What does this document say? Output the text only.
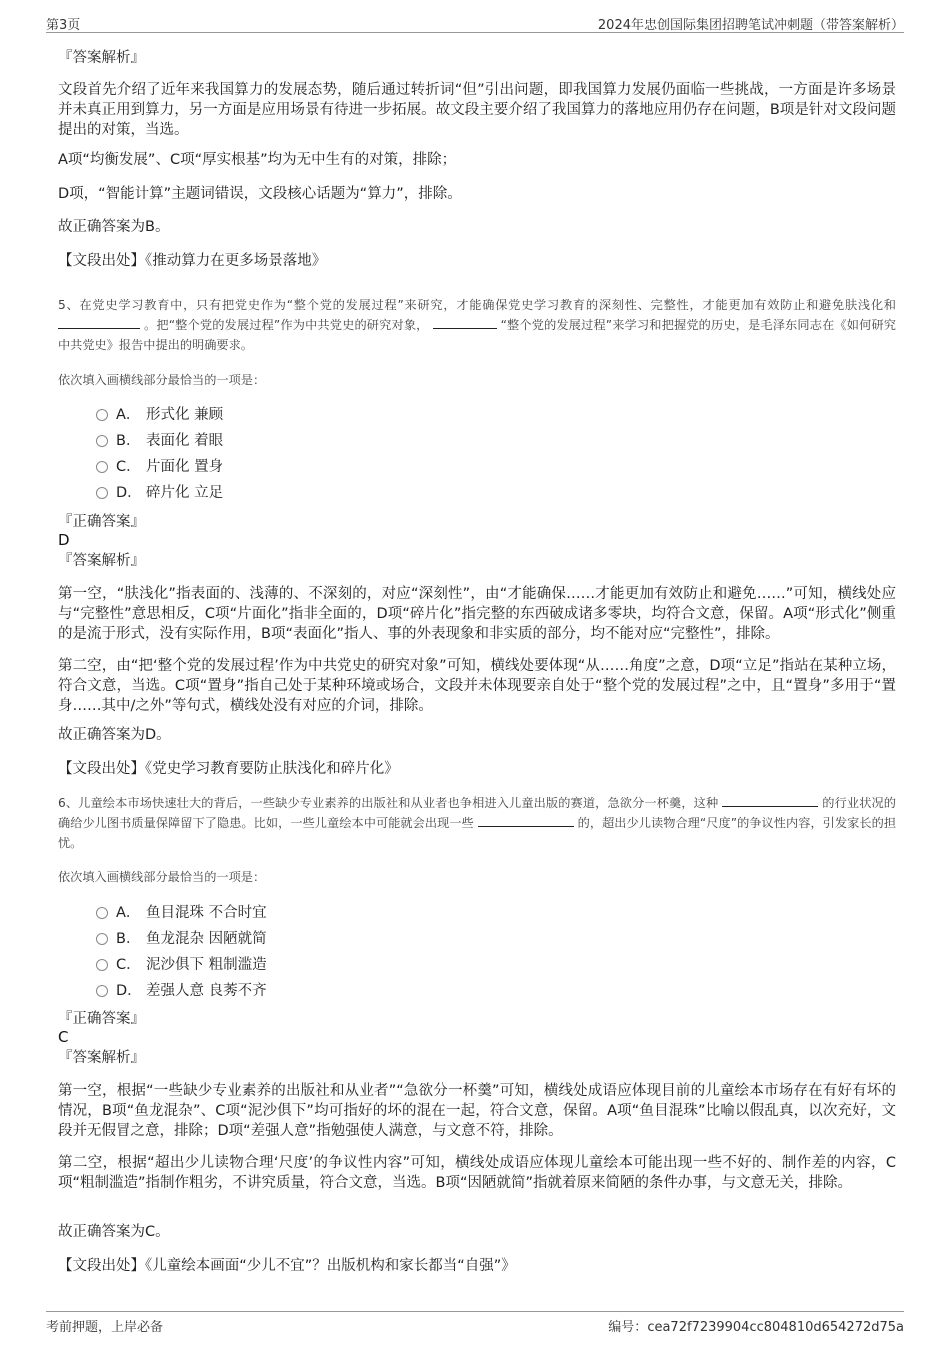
第3页	2024年忠创国际集团招聘笔试冲刺题（带答案解析）
『答案解析』
文段首先介绍了近年来我国算力的发展态势，随后通过转折词“但”引出问题，即我国算力发展仍面临一些挑战，一方面是许多场景并未真正用到算力，另一方面是应用场景有待进一步拓展。故文段主要介绍了我国算力的落地应用仍存在问题，B项是针对文段问题提出的对策，当选。
A项“均衡发展”、C项“厚实根基”均为无中生有的对策，排除；
D项，“智能计算”主题词错误，文段核心话题为“算力”，排除。
故正确答案为B。
【文段出处】《推动算力在更多场景落地》
5、在党史学习教育中，只有把党史作为“整个党的发展过程”来研究，才能确保党史学习教育的深刻性、完整性，才能更加有效防止和避免肤浅化和  。把“整个党的发展过程”作为中共党史的研究对象，	“整个党的发展过程”来学习和把握党的历史，是毛泽东同志在《如何研究中共党史》报告中提出的明确要求。
依次填入画横线部分最恰当的一项是：
A． 形式化 兼顾
B． 表面化 着眼
C． 片面化 置身
D． 碎片化 立足
『正确答案』
D
『答案解析』
第一空，“肤浅化”指表面的、浅薄的、不深刻的，对应“深刻性”，由“才能确保……才能更加有效防止和避免……”可知，横线处应与“完整性”意思相反，C项“片面化”指非全面的，D项“碎片化”指完整的东西破成诸多零块，均符合文意，保留。A项“形式化”侧重的是流于形式，没有实际作用，B项“表面化”指人、事的外表现象和非实质的部分，均不能对应“完整性”，排除。
第二空，由“把‘整个党的发展过程’作为中共党史的研究对象”可知，横线处要体现“从……角度”之意，D项“立足”指站在某种立场，符合文意，当选。C项“置身”指自己处于某种环境或场合，文段并未体现要亲自处于“整个党的发展过程”之中，且“置身”多用于“置身……其中/之外”等句式，横线处没有对应的介词，排除。
故正确答案为D。
【文段出处】《党史学习教育要防止肤浅化和碎片化》
6、儿童绘本市场快速壮大的背后，一些缺少专业素养的出版社和从业者也争相进入儿童出版的赛道，急欲分一杯羹，这种	的行业状况的确给少儿图书质量保障留下了隐患。比如，一些儿童绘本中可能就会出现一些	的，超出少儿读物合理“尺度”的争议性内容，引发家长的担忧。
依次填入画横线部分最恰当的一项是：
A． 鱼目混珠 不合时宜
B． 鱼龙混杂 因陋就简
C． 泥沙俱下 粗制滥造
D． 差强人意 良莠不齐
『正确答案』
C
『答案解析』
第一空，根据“一些缺少专业素养的出版社和从业者”“急欲分一杯羹”可知，横线处成语应体现目前的儿童绘本市场存在有好有坏的情况，B项“鱼龙混杂”、C项“泥沙俱下”均可指好的坏的混在一起，符合文意，保留。A项“鱼目混珠”比喻以假乱真，以次充好，文段并无假冒之意，排除；D项“差强人意”指勉强使人满意，与文意不符，排除。
第二空，根据“超出少儿读物合理‘尺度’的争议性内容”可知，横线处成语应体现儿童绘本可能出现一些不好的、制作差的内容，C项“粗制滥造”指制作粗劣，不讲究质量，符合文意，当选。B项“因陋就简”指就着原来简陋的条件办事，与文意无关，排除。
故正确答案为C。
【文段出处】《儿童绘本画面“少儿不宜”？出版机构和家长都当“自强”》
考前押题，上岸必备	编号：cea72f7239904cc804810d654272d75a
